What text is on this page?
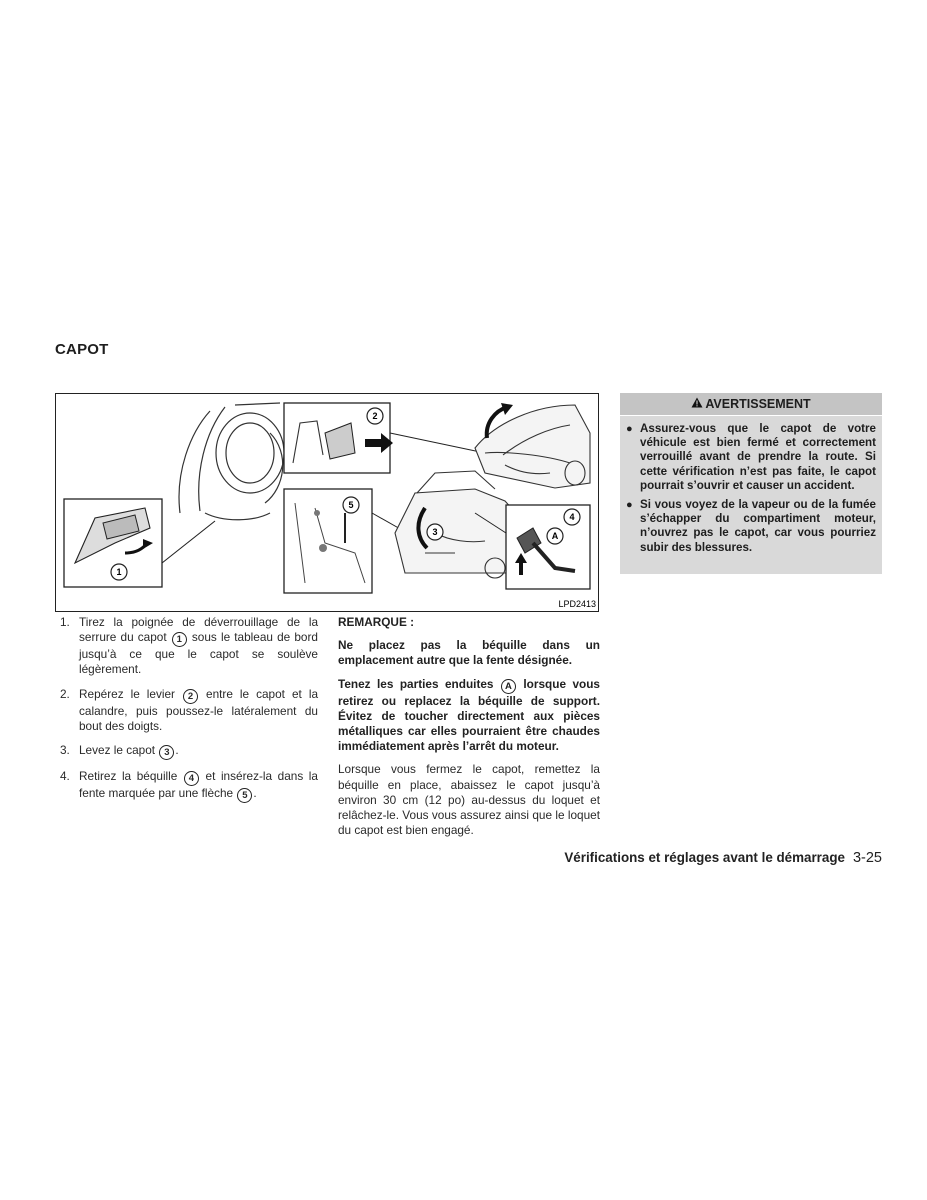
CAPOT
1
2
3
4
5
A
LPD2413
AVERTISSEMENT
● Assurez-vous que le capot de votre véhicule est bien fermé et correctement verrouillé avant de prendre la route. Si cette vérification n’est pas faite, le capot pourrait s’ouvrir et causer un accident.
● Si vous voyez de la vapeur ou de la fumée s’échapper du compartiment moteur, n’ouvrez pas le capot, car vous pourriez subir des blessures.
1. Tirez la poignée de déverrouillage de la serrure du capot 1 sous le tableau de bord jusqu’à ce que le capot se soulève légèrement.
2. Repérez le levier 2 entre le capot et la calandre, puis poussez-le latéralement du bout des doigts.
3. Levez le capot 3 .
4. Retirez la béquille 4 et insérez-la dans la fente marquée par une flèche 5 .

REMARQUE :

Ne placez pas la béquille dans un emplacement autre que la fente désignée.

Tenez les parties enduites A lorsque vous retirez ou replacez la béquille de support. Évitez de toucher directement aux pièces métalliques car elles pourraient être chaudes immédiatement après l’arrêt du moteur.

Lorsque vous fermez le capot, remettez la béquille en place, abaissez le capot jusqu’à environ 30 cm (12 po) au-dessus du loquet et relâchez-le. Vous vous assurez ainsi que le loquet du capot est bien engagé.

Vérifications et réglages avant le démarrage 3-25
